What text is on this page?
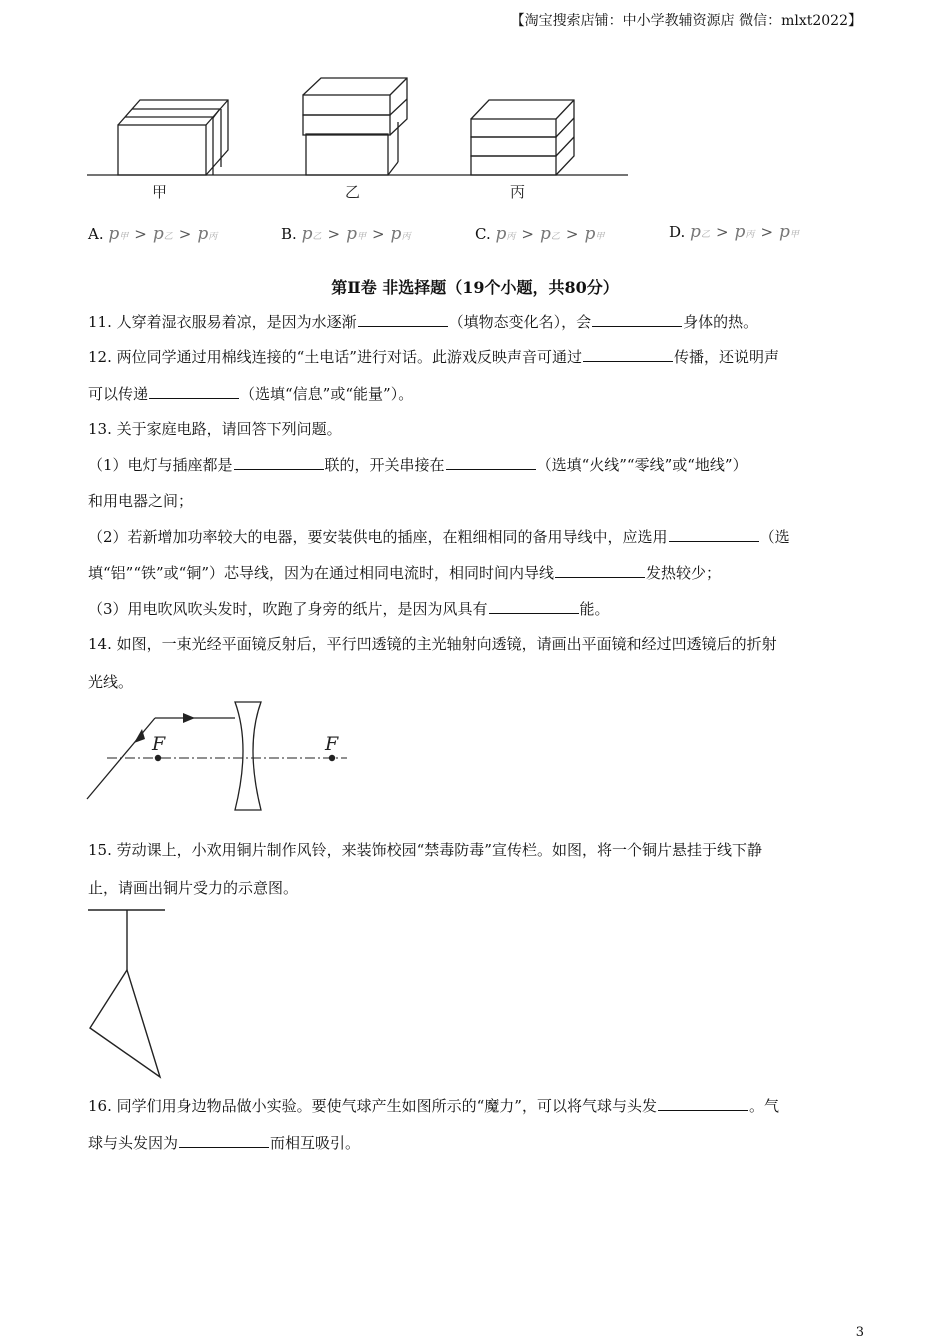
【淘宝搜索店铺：中小学教辅资源店 微信：mlxt2022】
甲	乙	丙
A. p甲 > p乙 > p丙	B. p乙 > p甲 > p丙	C. p丙 > p乙 > p甲	D. p乙 > p丙 > p甲
第Ⅱ卷 非选择题（19个小题，共80分）
11. 人穿着湿衣服易着凉，是因为水逐渐	（填物态变化名），会	身体的热。
12. 两位同学通过用棉线连接的“土电话”进行对话。此游戏反映声音可通过	传播，还说明声
可以传递	（选填“信息”或“能量”）。
13. 关于家庭电路，请回答下列问题。
（1）电灯与插座都是	联的，开关串接在	（选填“火线”“零线”或“地线”）
和用电器之间；
（2）若新增加功率较大的电器，要安装供电的插座，在粗细相同的备用导线中，应选用	（选
填“铝”“铁”或“铜”）芯导线，因为在通过相同电流时，相同时间内导线	发热较少；
（3）用电吹风吹头发时，吹跑了身旁的纸片，是因为风具有	能。
14. 如图，一束光经平面镜反射后，平行凹透镜的主光轴射向透镜，请画出平面镜和经过凹透镜后的折射
光线。
F	F
15. 劳动课上，小欢用铜片制作风铃，来装饰校园“禁毒防毒”宣传栏。如图，将一个铜片悬挂于线下静
止，请画出铜片受力的示意图。
16. 同学们用身边物品做小实验。要使气球产生如图所示的“魔力”，可以将气球与头发	。气
球与头发因为	而相互吸引。
3
